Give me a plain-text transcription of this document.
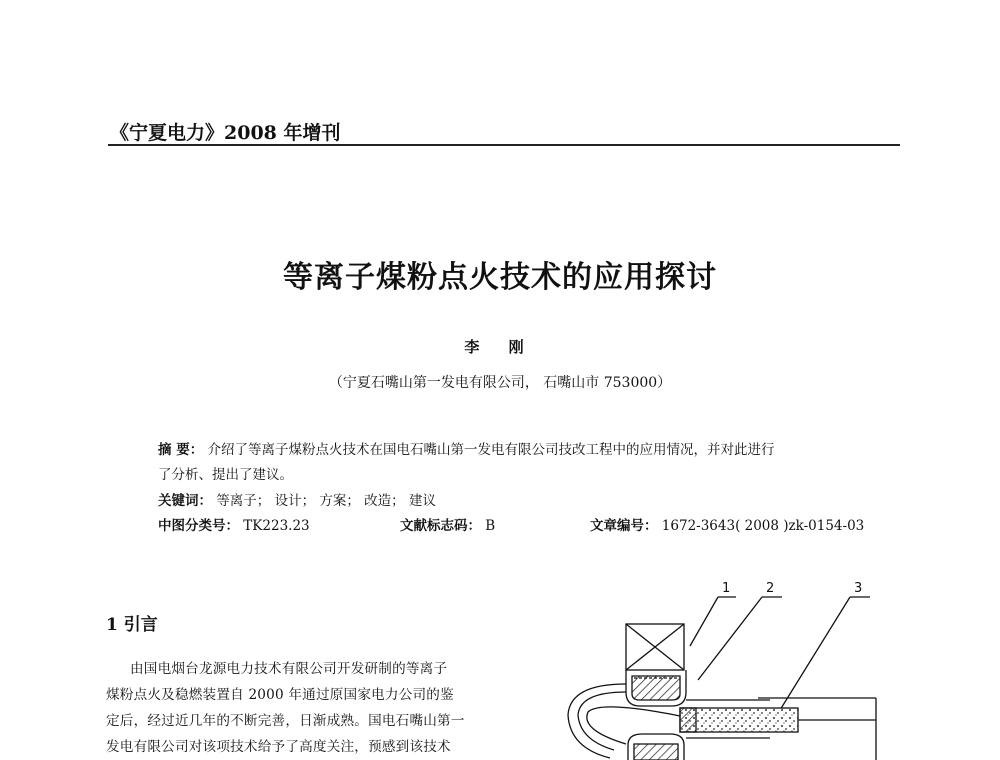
《宁夏电力》2008 年增刊
等离子煤粉点火技术的应用探讨
李 刚
（宁夏石嘴山第一发电有限公司， 石嘴山市 753000）
摘 要： 介绍了等离子煤粉点火技术在国电石嘴山第一发电有限公司技改工程中的应用情况，并对此进行
了分析、提出了建议。
关键词： 等离子； 设计； 方案； 改造； 建议
中图分类号： TK223.23	文献标志码： B	文章编号： 1672-3643( 2008 )zk-0154-03
1 引言
由国电烟台龙源电力技术有限公司开发研制的等离子
煤粉点火及稳燃装置自 2000 年通过原国家电力公司的鉴
定后，经过近几年的不断完善，日渐成熟。国电石嘴山第一
发电有限公司对该项技术给予了高度关注，预感到该技术
1	2	3
